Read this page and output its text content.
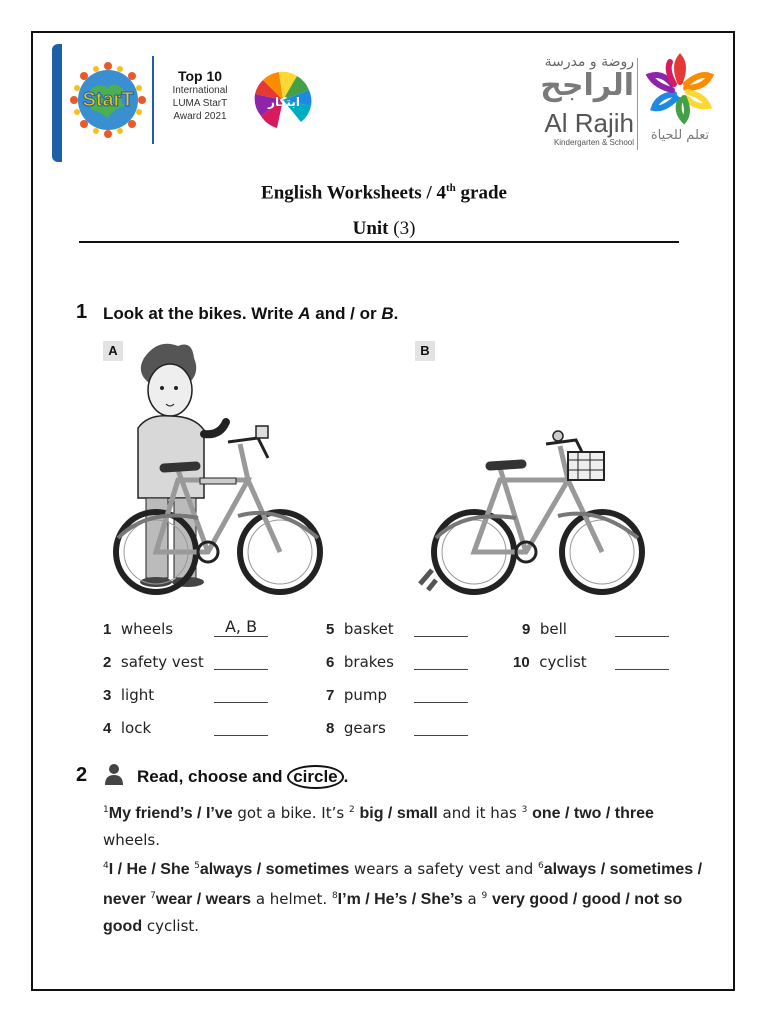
StarT
Top 10
International
LUMA StarT
Award 2021
ابتكار
روضة و مدرسة
الراجح
Al Rajih
Kindergarten & School	تعلم للحياة
English Worksheets / 4th grade
Unit (3)
1 Look at the bikes. Write A and / or B.
A	B
1 wheels	A, B
2 safety vest
3 light
4 lock
5 basket
6 brakes
7 pump
8 gears
9 bell
10 cyclist
2	Read, choose and circle .
$^1$My friend’s / I’ve got a bike. It’s $^2$ big / small and it has $^3$ one / two / three wheels.
$^4$I / He / She $^5$always / sometimes wears a safety vest and $^6$always / sometimes / never $^7$wear / wears a helmet. $^8$I’m / He’s / She’s a $^9$ very good / good / not so good cyclist.
